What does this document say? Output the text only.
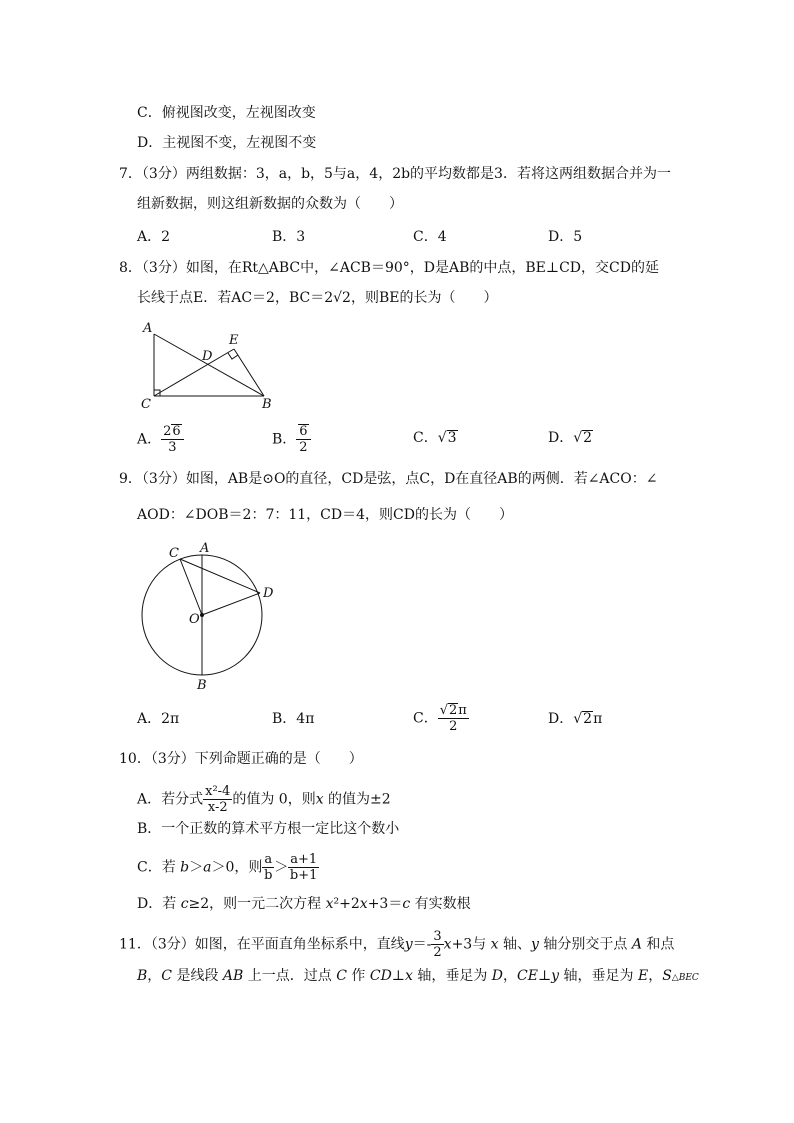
C．俯视图改变，左视图改变
D．主视图不变，左视图不变
7．（3分）两组数据：3，a，b，5与a，4，2b的平均数都是3．若将这两组数据合并为一
组新数据，则这组新数据的众数为（　　）
A．2	B．3	C．4	D．5
8．（3分）如图，在Rt△ABC中，∠ACB＝90°，D是AB的中点，BE⊥CD，交CD的延
长线于点E．若AC＝2，BC＝2√2，则BE的长为（　　）
A
E
D
C	B
A． $\frac{26}{3}$	B． $\frac{6}{2}$	C．√3	D．√2
9．（3分）如图，AB是⊙O的直径，CD是弦，点C，D在直径AB的两侧．若∠ACO：∠
AOD：∠DOB＝2：7：11，CD＝4，则CD的长为（　　）
C A
D
O
B
A．2π	B．4π	C． $\frac{√2\pi}{2}$	D．√2π
10．（3分）下列命题正确的是（　　）
A．若分式 $\frac{\text{x²-4}}{x-2}$ 的值为 0，则x 的值为±2
B．一个正数的算术平方根一定比这个数小
C．若 b＞a＞0，则 $\frac{a}{b} > \frac{a+1}{b+1}$
D．若 c≥2，则一元二次方程 x²+2x+3＝c 有实数根
11．（3分）如图，在平面直角坐标系中，直线$y=- \frac{3}{2} x+3$与 x 轴、y 轴分别交于点 A 和点
B，C 是线段 AB 上一点．过点 C 作 CD⊥x 轴，垂足为 D，CE⊥y 轴，垂足为 E，S△BEC
